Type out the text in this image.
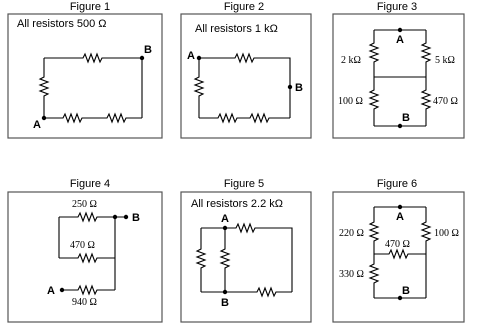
Figure 1
All resistors 500 Ω
B
A
Figure 2
All resistors 1 kΩ
A
B
Figure 3
A
B
2 kΩ	5 kΩ
100 Ω	470 Ω
Figure 4
B
A
250 Ω
470 Ω
940 Ω
Figure 5
All resistors 2.2 kΩ
A
B
Figure 6
A
B
220 Ω	100 Ω
470 Ω
330 Ω
